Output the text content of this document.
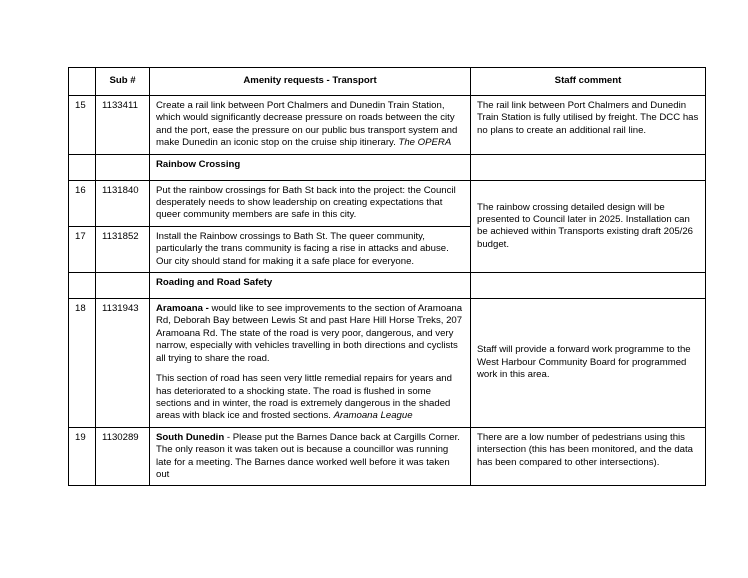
	Sub #	Amenity requests - Transport	Staff comment
15	1133411	Create a rail link between Port Chalmers and Dunedin Train Station, which would significantly decrease pressure on roads between the city and the port, ease the pressure on our public bus transport system and make Dunedin an iconic stop on the cruise ship itinerary. The OPERA	The rail link between Port Chalmers and Dunedin Train Station is fully utilised by freight. The DCC has no plans to create an additional rail line.
		Rainbow Crossing	
16	1131840	Put the rainbow crossings for Bath St back into the project: the Council desperately needs to show leadership on creating expectations that queer community members are safe in this city.	The rainbow crossing detailed design will be presented to Council later in 2025. Installation can be achieved within Transports existing draft 205/26 budget.
17	1131852	Install the Rainbow crossings to Bath St. The queer community, particularly the trans community is facing a rise in attacks and abuse. Our city should stand for making it a safe place for everyone.	
		Roading and Road Safety	
18	1131943	Aramoana - would like to see improvements to the section of Aramoana Rd, Deborah Bay between Lewis St and past Hare Hill Horse Treks, 207 Aramoana Rd. The state of the road is very poor, dangerous, and very narrow, especially with vehicles travelling in both directions and cyclists all trying to share the road.

This section of road has seen very little remedial repairs for years and has deteriorated to a shocking state. The road is flushed in some sections and in winter, the road is extremely dangerous in the shaded areas with black ice and frosted sections. Aramoana League	Staff will provide a forward work programme to the West Harbour Community Board for programmed work in this area.
19	1130289	South Dunedin - Please put the Barnes Dance back at Cargills Corner. The only reason it was taken out is because a councillor was running late for a meeting. The Barnes dance worked well before it was taken out	There are a low number of pedestrians using this intersection (this has been monitored, and the data has been compared to other intersections).
